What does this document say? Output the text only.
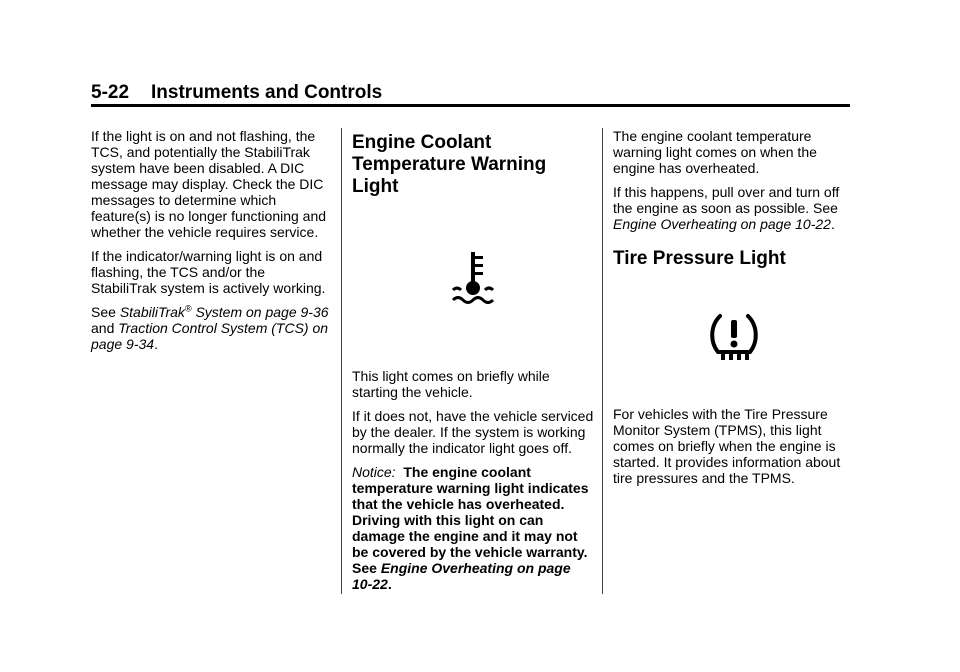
5-22 Instruments and Controls

If the light is on and not flashing, the TCS, and potentially the StabiliTrak system have been disabled. A DIC message may display. Check the DIC messages to determine which feature(s) is no longer functioning and whether the vehicle requires service.

If the indicator/warning light is on and flashing, the TCS and/or the StabiliTrak system is actively working.

See StabiliTrak® System on page 9-36 and Traction Control System (TCS) on page 9-34.

Engine Coolant Temperature Warning Light

This light comes on briefly while starting the vehicle.

If it does not, have the vehicle serviced by the dealer. If the system is working normally the indicator light goes off.

Notice: The engine coolant temperature warning light indicates that the vehicle has overheated. Driving with this light on can damage the engine and it may not be covered by the vehicle warranty. See Engine Overheating on page 10-22.

The engine coolant temperature warning light comes on when the engine has overheated.

If this happens, pull over and turn off the engine as soon as possible. See Engine Overheating on page 10-22.

Tire Pressure Light

For vehicles with the Tire Pressure Monitor System (TPMS), this light comes on briefly when the engine is started. It provides information about tire pressures and the TPMS.
